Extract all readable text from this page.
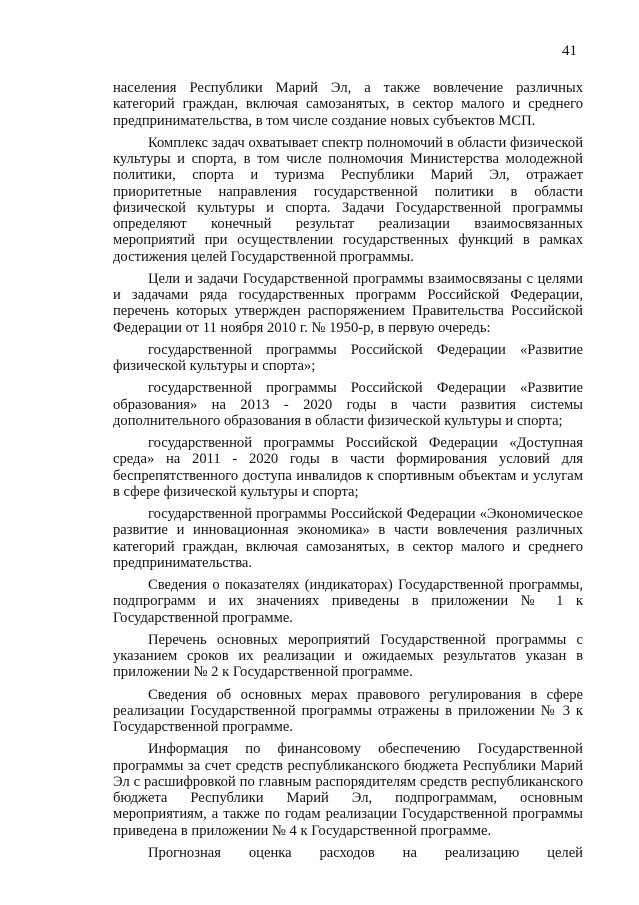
41

населения Республики Марий Эл, а также вовлечение различных категорий граждан, включая самозанятых, в сектор малого и среднего предпринимательства, в том числе создание новых субъектов МСП.

Комплекс задач охватывает спектр полномочий в области физической культуры и спорта, в том числе полномочия Министерства молодежной политики, спорта и туризма Республики Марий Эл, отражает приоритетные направления государственной политики в области физической культуры и спорта. Задачи Государственной программы определяют конечный результат реализации взаимосвязанных мероприятий при осуществлении государственных функций в рамках достижения целей Государственной программы.

Цели и задачи Государственной программы взаимосвязаны с целями и задачами ряда государственных программ Российской Федерации, перечень которых утвержден распоряжением Правительства Российской Федерации от 11 ноября 2010 г. № 1950-р, в первую очередь:

государственной программы Российской Федерации «Развитие физической культуры и спорта»;

государственной программы Российской Федерации «Развитие образования» на 2013 - 2020 годы в части развития системы дополнительного образования в области физической культуры и спорта;

государственной программы Российской Федерации «Доступная среда» на 2011 - 2020 годы в части формирования условий для беспрепятственного доступа инвалидов к спортивным объектам и услугам в сфере физической культуры и спорта;

государственной программы Российской Федерации «Экономическое развитие и инновационная экономика» в части вовлечения различных категорий граждан, включая самозанятых, в сектор малого и среднего предпринимательства.

Сведения о показателях (индикаторах) Государственной программы, подпрограмм и их значениях приведены в приложении № 1 к Государственной программе.

Перечень основных мероприятий Государственной программы с указанием сроков их реализации и ожидаемых результатов указан в приложении № 2 к Государственной программе.

Сведения об основных мерах правового регулирования в сфере реализации Государственной программы отражены в приложении № 3 к Государственной программе.

Информация по финансовому обеспечению Государственной программы за счет средств республиканского бюджета Республики Марий Эл с расшифровкой по главным распорядителям средств республиканского бюджета Республики Марий Эл, подпрограммам, основным мероприятиям, а также по годам реализации Государственной программы приведена в приложении № 4 к Государственной программе.

Прогнозная оценка расходов на реализацию целей
